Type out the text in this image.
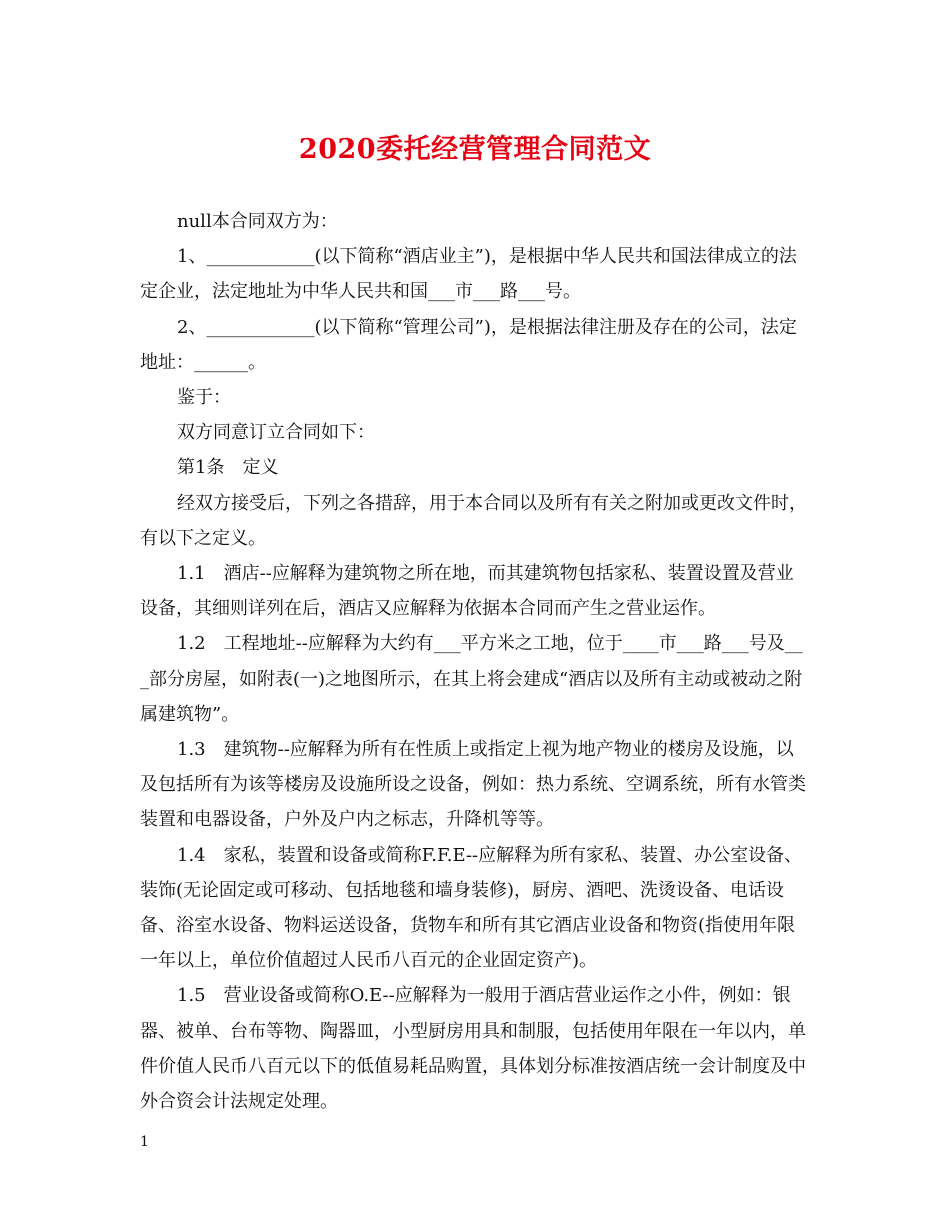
2020委托经营管理合同范文

null本合同双方为：

1、____________(以下简称“酒店业主”)，是根据中华人民共和国法律成立的法定企业，法定地址为中华人民共和国___市___路___号。

2、____________(以下简称“管理公司”)，是根据法律注册及存在的公司，法定地址：______。

鉴于：

双方同意订立合同如下：

第1条　定义

经双方接受后，下列之各措辞，用于本合同以及所有有关之附加或更改文件时，有以下之定义。

1.1　酒店--应解释为建筑物之所在地，而其建筑物包括家私、装置设置及营业设备，其细则详列在后，酒店又应解释为依据本合同而产生之营业运作。

1.2　工程地址--应解释为大约有___平方米之工地，位于____市___路___号及___部分房屋，如附表(一)之地图所示，在其上将会建成“酒店以及所有主动或被动之附属建筑物”。

1.3　建筑物--应解释为所有在性质上或指定上视为地产物业的楼房及设施，以及包括所有为该等楼房及设施所设之设备，例如：热力系统、空调系统，所有水管类装置和电器设备，户外及户内之标志，升降机等等。

1.4　家私，装置和设备或简称F.F.E--应解释为所有家私、装置、办公室设备、装饰(无论固定或可移动、包括地毯和墙身装修)，厨房、酒吧、洗烫设备、电话设备、浴室水设备、物料运送设备，货物车和所有其它酒店业设备和物资(指使用年限一年以上，单位价值超过人民币八百元的企业固定资产)。

1.5　营业设备或简称O.E--应解释为一般用于酒店营业运作之小件，例如：银器、被单、台布等物、陶器皿，小型厨房用具和制服，包括使用年限在一年以内，单件价值人民币八百元以下的低值易耗品购置，具体划分标准按酒店统一会计制度及中外合资会计法规定处理。

1
